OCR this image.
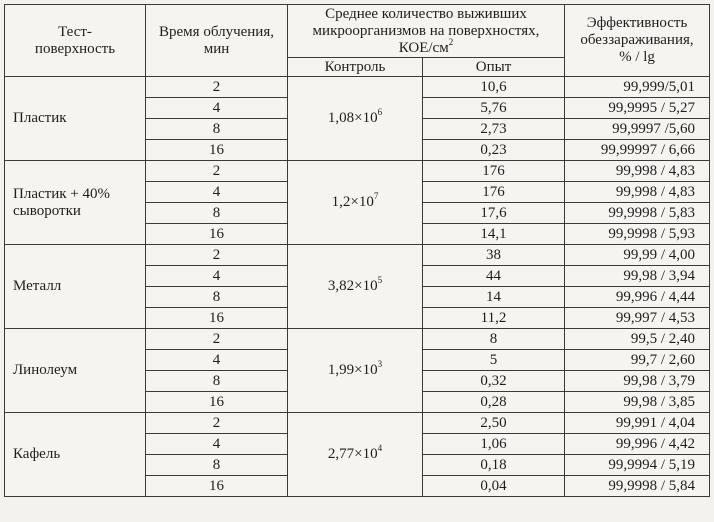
Тест-поверхность	Время облучения, мин	Среднее количество выживших микроорганизмов на поверхностях, КОЕ/$см^2$		Эффективность обеззараживания, % / lg
		Контроль	Опыт	
Пластик	2	$1,08\times 10^6$	10,6	99,999/5,01
	4		5,76	99,9995 / 5,27
	8		2,73	99,9997 /5,60
	16		0,23	99,99997 / 6,66
Пластик + 40% сыворотки	2	$1,2\times 10^7$	176	99,998 / 4,83
	4		176	99,998 / 4,83
	8		17,6	99,9998 / 5,83
	16		14,1	99,9998 / 5,93
Металл	2	$3,82\times 10^5$	38	99,99 / 4,00
	4		44	99,98 / 3,94
	8		14	99,996 / 4,44
	16		11,2	99,997 / 4,53
Линолеум	2	$1,99\times 10^3$	8	99,5 / 2,40
	4		5	99,7 / 2,60
	8		0,32	99,98 / 3,79
	16		0,28	99,98 / 3,85
Кафель	2	$2,77\times 10^4$	2,50	99,991 / 4,04
	4		1,06	99,996 / 4,42
	8		0,18	99,9994 / 5,19
	16		0,04	99,9998 / 5,84
